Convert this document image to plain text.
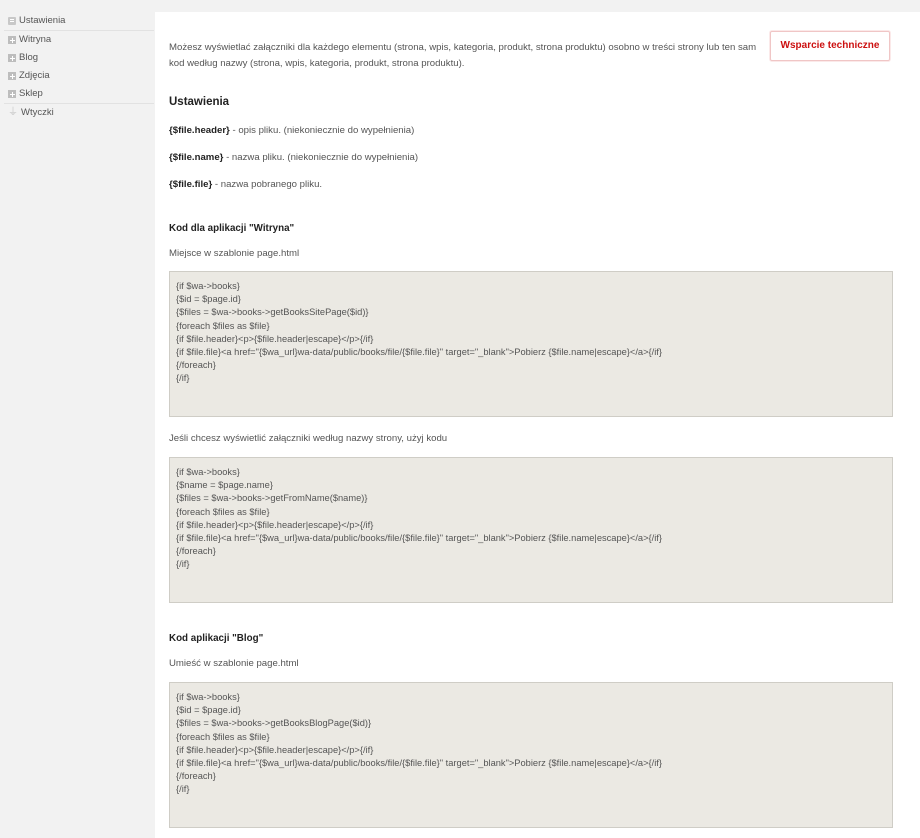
Ustawienia
Witryna
Blog
Zdjęcia
Sklep
⏚ Wtyczki
Wsparcie techniczne
Możesz wyświetlać załączniki dla każdego elementu (strona, wpis, kategoria, produkt, strona produktu) osobno w treści strony lub ten sam kod według nazwy (strona, wpis, kategoria, produkt, strona produktu).
Ustawienia
{$file.header} - opis pliku. (niekoniecznie do wypełnienia)
{$file.name} - nazwa pliku. (niekoniecznie do wypełnienia)
{$file.file} - nazwa pobranego pliku.
Kod dla aplikacji "Witryna"
Miejsce w szablonie page.html
{if $wa->books}
{$id = $page.id}
{$files = $wa->books->getBooksSitePage($id)}
{foreach $files as $file}
{if $file.header}<p>{$file.header|escape}</p>{/if}
{if $file.file}<a href="{$wa_url}wa-data/public/books/file/{$file.file}" target="_blank">Pobierz {$file.name|escape}</a>{/if}
{/foreach}
{/if}
Jeśli chcesz wyświetlić załączniki według nazwy strony, użyj kodu
{if $wa->books}
{$name = $page.name}
{$files = $wa->books->getFromName($name)}
{foreach $files as $file}
{if $file.header}<p>{$file.header|escape}</p>{/if}
{if $file.file}<a href="{$wa_url}wa-data/public/books/file/{$file.file}" target="_blank">Pobierz {$file.name|escape}</a>{/if}
{/foreach}
{/if}
Kod aplikacji "Blog"
Umieść w szablonie page.html
{if $wa->books}
{$id = $page.id}
{$files = $wa->books->getBooksBlogPage($id)}
{foreach $files as $file}
{if $file.header}<p>{$file.header|escape}</p>{/if}
{if $file.file}<a href="{$wa_url}wa-data/public/books/file/{$file.file}" target="_blank">Pobierz {$file.name|escape}</a>{/if}
{/foreach}
{/if}
